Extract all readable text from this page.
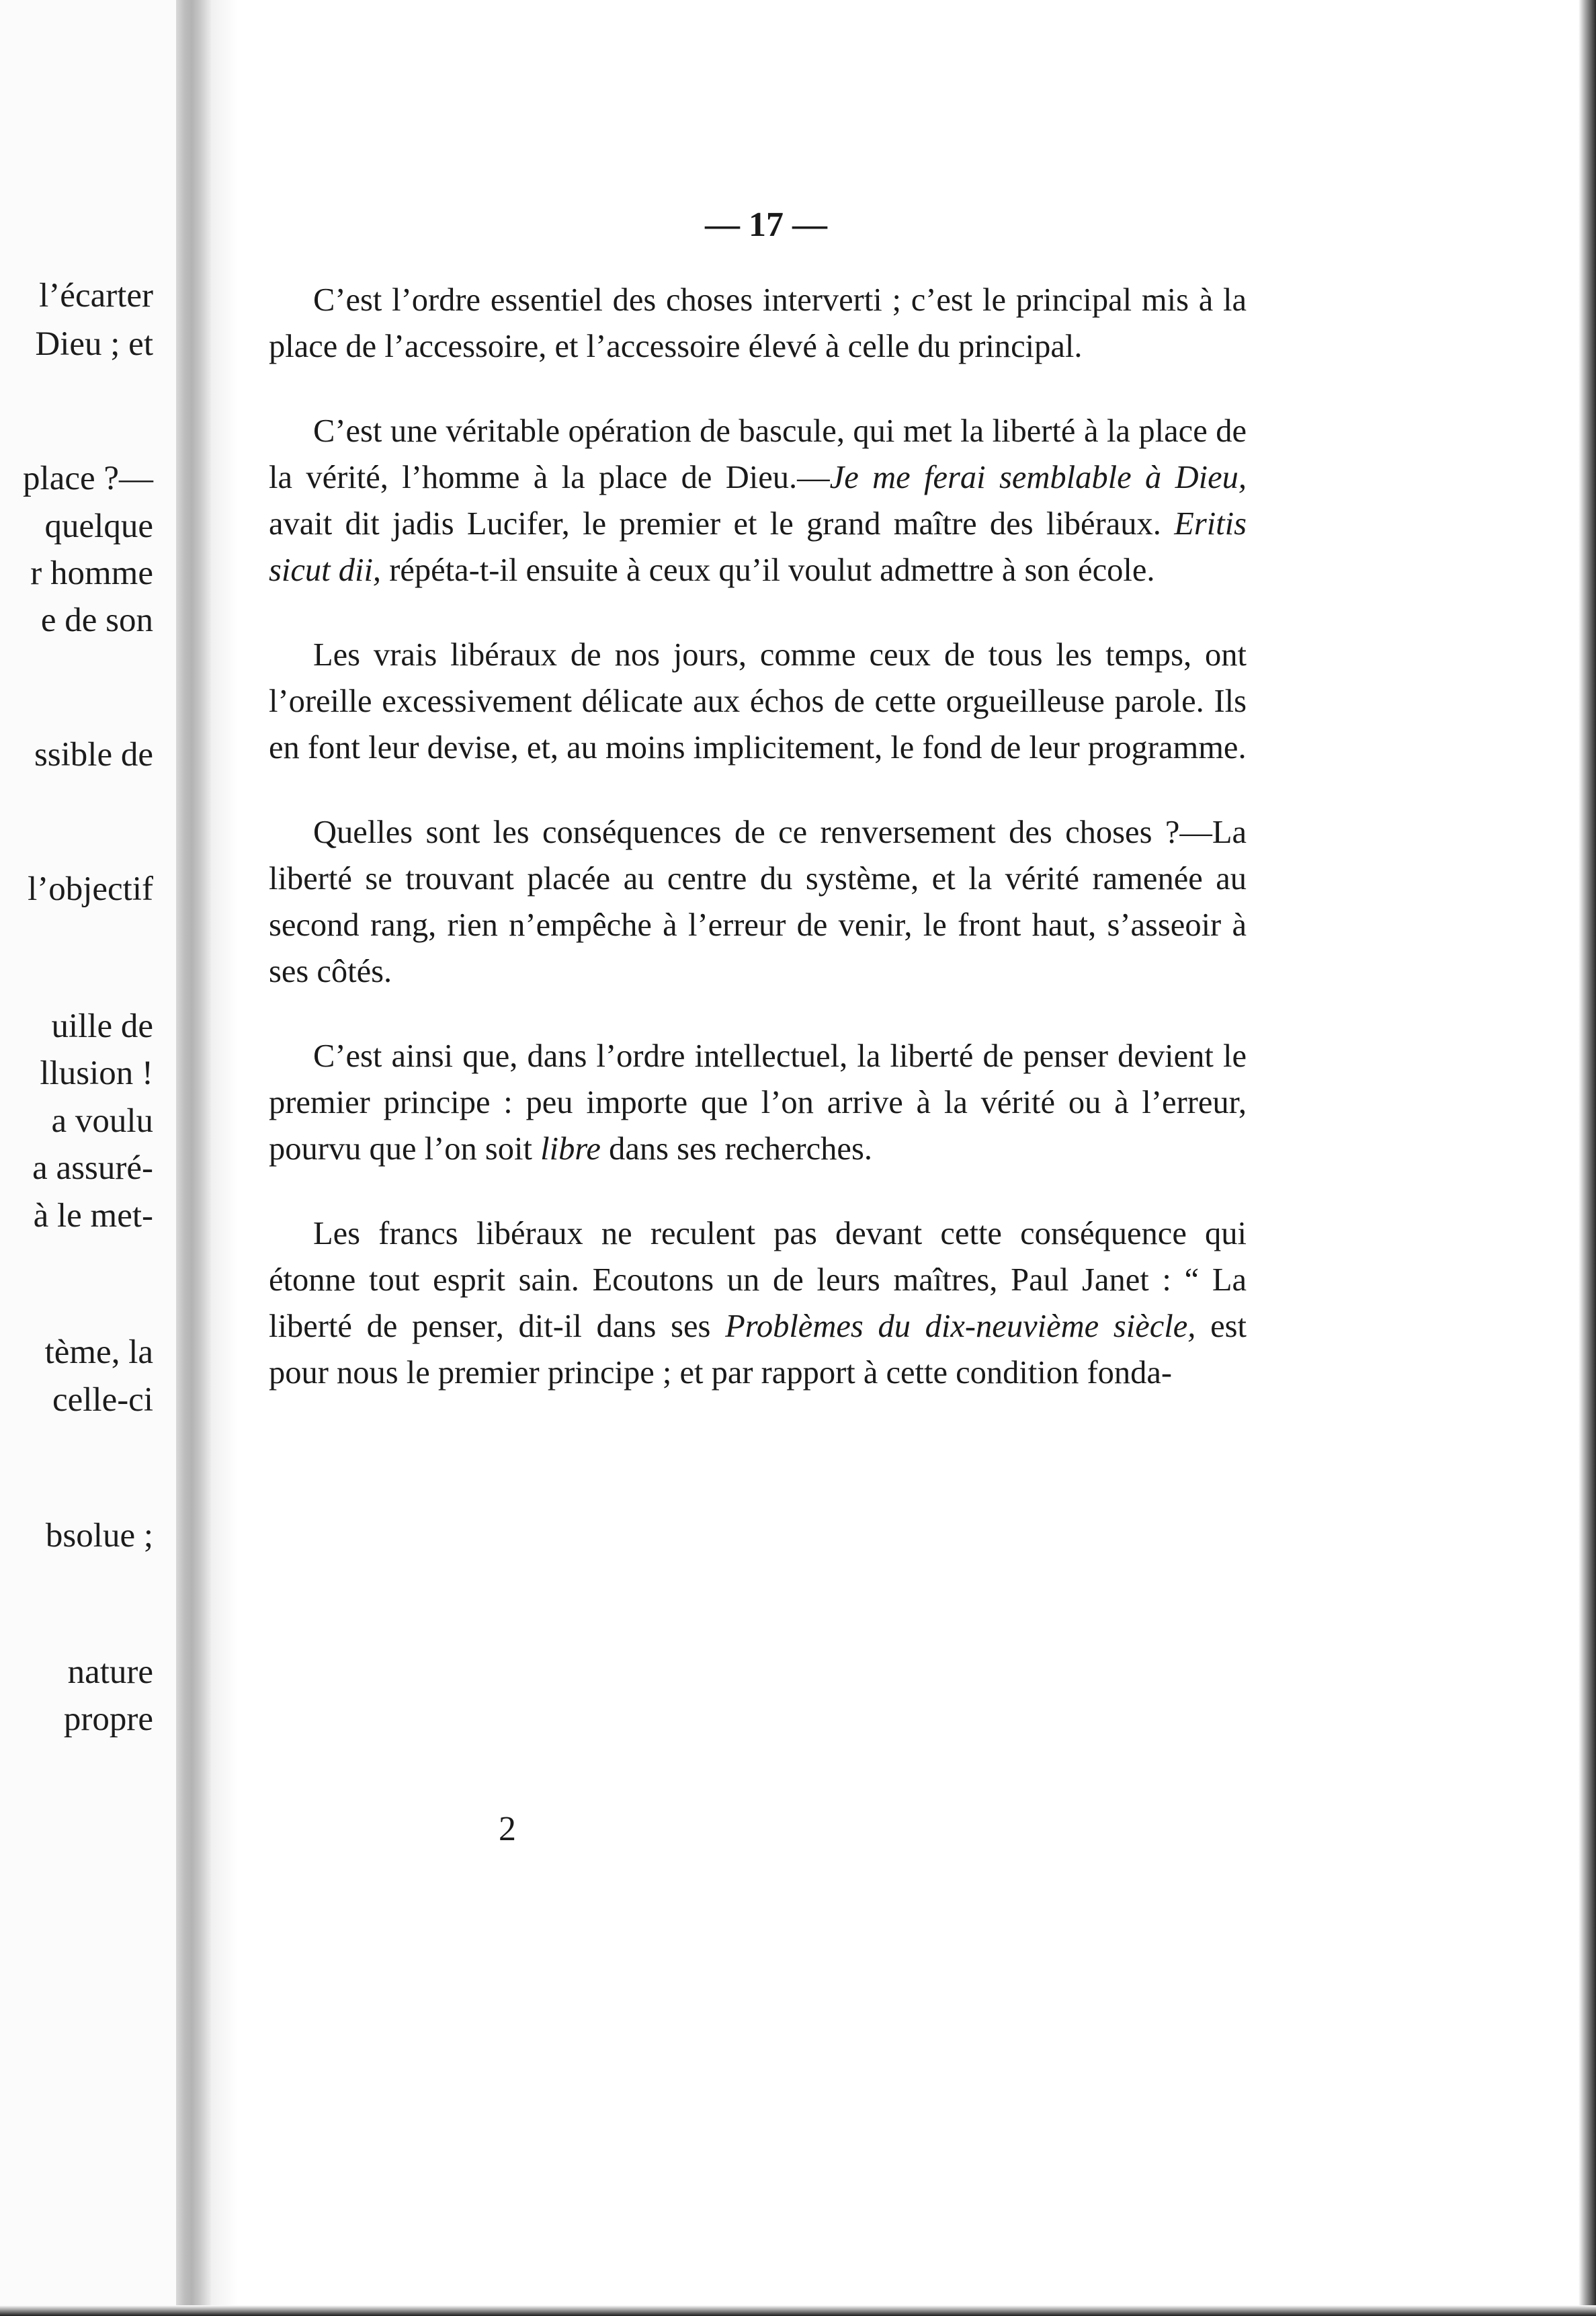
l’écarter
Dieu ; et
place ?—
quelque
r homme
e de son
ssible de
l’objectif
uille de
llusion !
a voulu
a assuré-
à le met-
tème, la
celle-ci
bsolue ;
nature
propre
— 17 —

C’est l’ordre essentiel des choses interverti ; c’est le principal mis à la place de l’accessoire, et l’accessoire élevé à celle du principal.

C’est une véritable opération de bascule, qui met la liberté à la place de la vérité, l’homme à la place de Dieu.—Je me ferai semblable à Dieu, avait dit jadis Lucifer, le premier et le grand maître des libéraux. Eritis sicut dii, répéta-t-il ensuite à ceux qu’il voulut admettre à son école.

Les vrais libéraux de nos jours, comme ceux de tous les temps, ont l’oreille excessivement délicate aux échos de cette orgueilleuse parole. Ils en font leur devise, et, au moins implicitement, le fond de leur programme.

Quelles sont les conséquences de ce renversement des choses ?—La liberté se trouvant placée au centre du système, et la vérité ramenée au second rang, rien n’empêche à l’erreur de venir, le front haut, s’asseoir à ses côtés.

C’est ainsi que, dans l’ordre intellectuel, la liberté de penser devient le premier principe : peu importe que l’on arrive à la vérité ou à l’erreur, pourvu que l’on soit libre dans ses recherches.

Les francs libéraux ne reculent pas devant cette conséquence qui étonne tout esprit sain. Ecoutons un de leurs maîtres, Paul Janet : “ La liberté de penser, dit-il dans ses Problèmes du dix-neuvième siècle, est pour nous le premier principe ; et par rapport à cette condition fonda-

2
